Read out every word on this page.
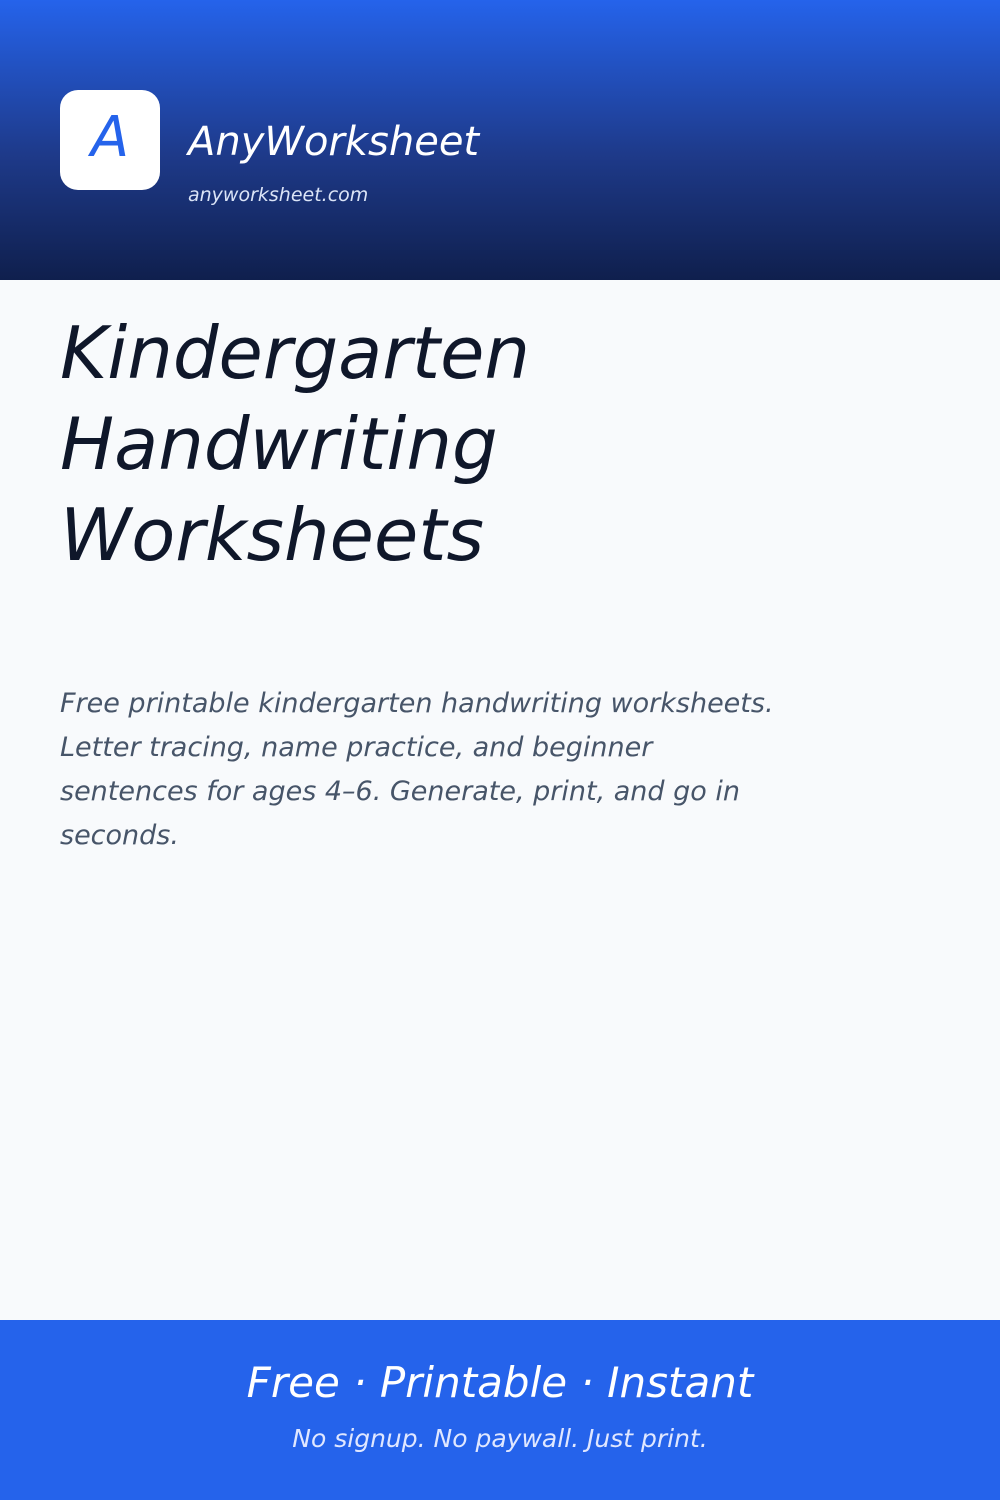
A AnyWorksheet
anyworksheet.com
Kindergarten
Handwriting
Worksheets

Free printable kindergarten handwriting worksheets.
Letter tracing, name practice, and beginner
sentences for ages 4–6. Generate, print, and go in
seconds.

Free · Printable · Instant
No signup. No paywall. Just print.
